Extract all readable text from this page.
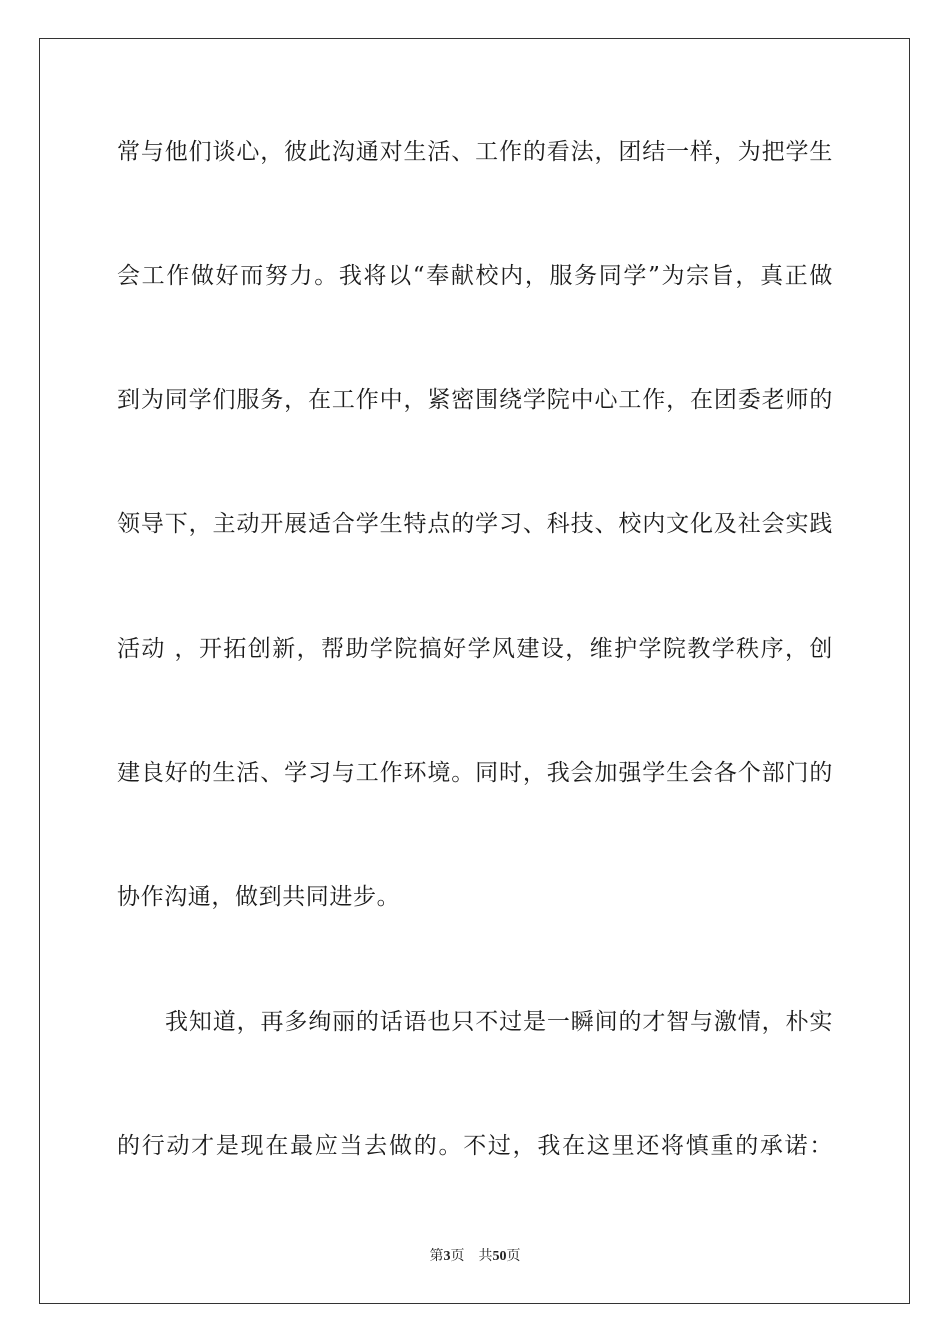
常与他们谈心，彼此沟通对生活、工作的看法，团结一样，为把学生
会工作做好而努力。我将以“奉献校内，服务同学”为宗旨，真正做
到为同学们服务，在工作中，紧密围绕学院中心工作，在团委老师的
领导下，主动开展适合学生特点的学习、科技、校内文化及社会实践
活动 ，开拓创新，帮助学院搞好学风建设，维护学院教学秩序，创
建良好的生活、学习与工作环境。同时，我会加强学生会各个部门的
协作沟通，做到共同进步。
我知道，再多绚丽的话语也只不过是一瞬间的才智与激情，朴实
的行动才是现在最应当去做的。不过，我在这里还将慎重的承诺：
第3页 共50页
